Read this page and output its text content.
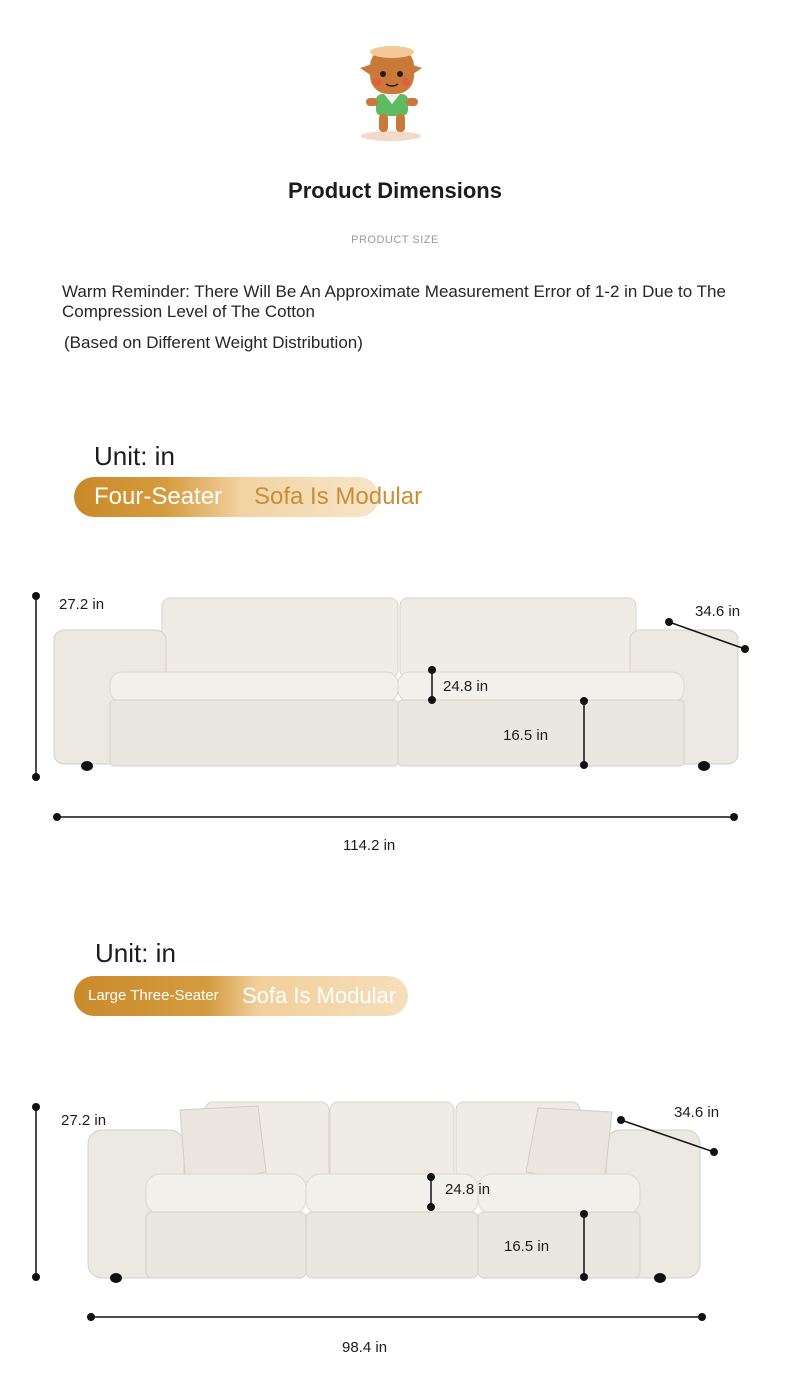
Product Dimensions
PRODUCT SIZE
Warm Reminder: There Will Be An Approximate Measurement Error of 1-2 in Due to The Compression Level of The Cotton
(Based on Different Weight Distribution)
Unit: in
Four-Seater Sofa Is Modular
27.2 in	34.6 in
24.8 in
16.5 in
114.2 in
Unit: in
Large Three-Seater Sofa Is Modular
27.2 in	34.6 in
24.8 in
16.5 in
98.4 in
